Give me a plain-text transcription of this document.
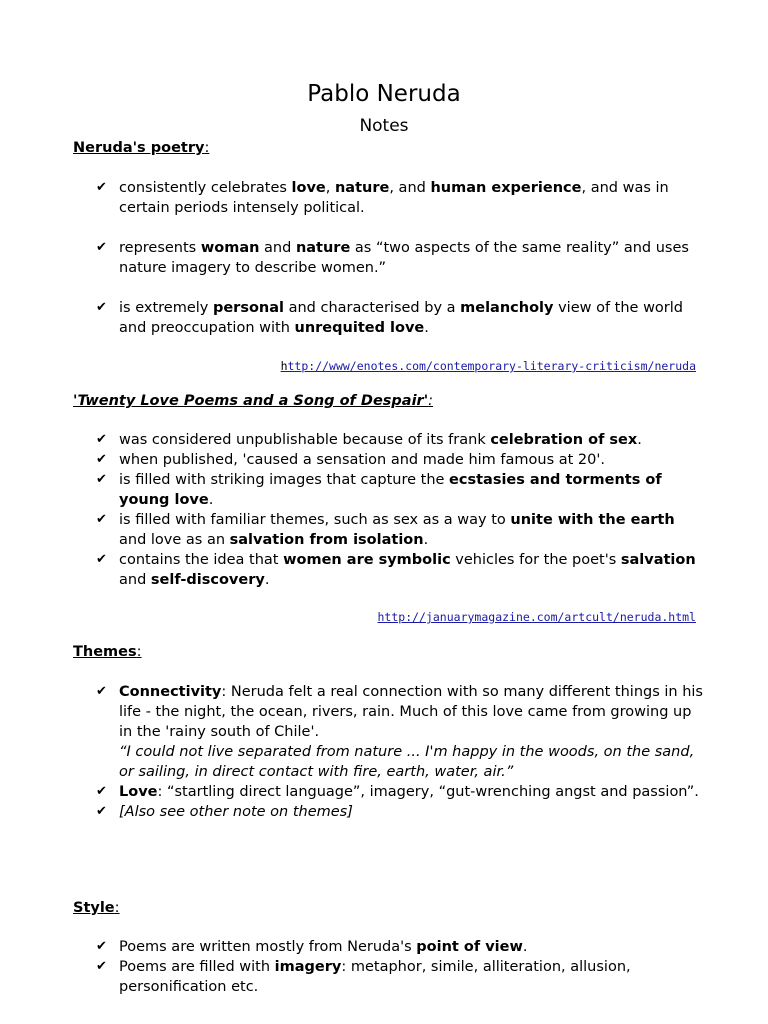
Pablo Neruda
Notes
Neruda's poetry:
✔ consistently celebrates love, nature, and human experience, and was in certain periods intensely political.
✔ represents woman and nature as “two aspects of the same reality” and uses nature imagery to describe women.”
✔ is extremely personal and characterised by a melancholy view of the world and preoccupation with unrequited love.
http://www/enotes.com/contemporary-literary-criticism/neruda
'Twenty Love Poems and a Song of Despair':
✔ was considered unpublishable because of its frank celebration of sex.
✔ when published, 'caused a sensation and made him famous at 20'.
✔ is filled with striking images that capture the ecstasies and torments of young love.
✔ is filled with familiar themes, such as sex as a way to unite with the earth and love as an salvation from isolation.
✔ contains the idea that women are symbolic vehicles for the poet's salvation and self-discovery.
http://januarymagazine.com/artcult/neruda.html
Themes:
✔ Connectivity: Neruda felt a real connection with so many different things in his life - the night, the ocean, rivers, rain. Much of this love came from growing up in the 'rainy south of Chile'.
“I could not live separated from nature ... I'm happy in the woods, on the sand, or sailing, in direct contact with fire, earth, water, air.”
✔ Love: “startling direct language”, imagery, “gut-wrenching angst and passion”.
✔ [Also see other note on themes]
Style:
✔ Poems are written mostly from Neruda's point of view.
✔ Poems are filled with imagery: metaphor, simile, alliteration, allusion, personification etc.
